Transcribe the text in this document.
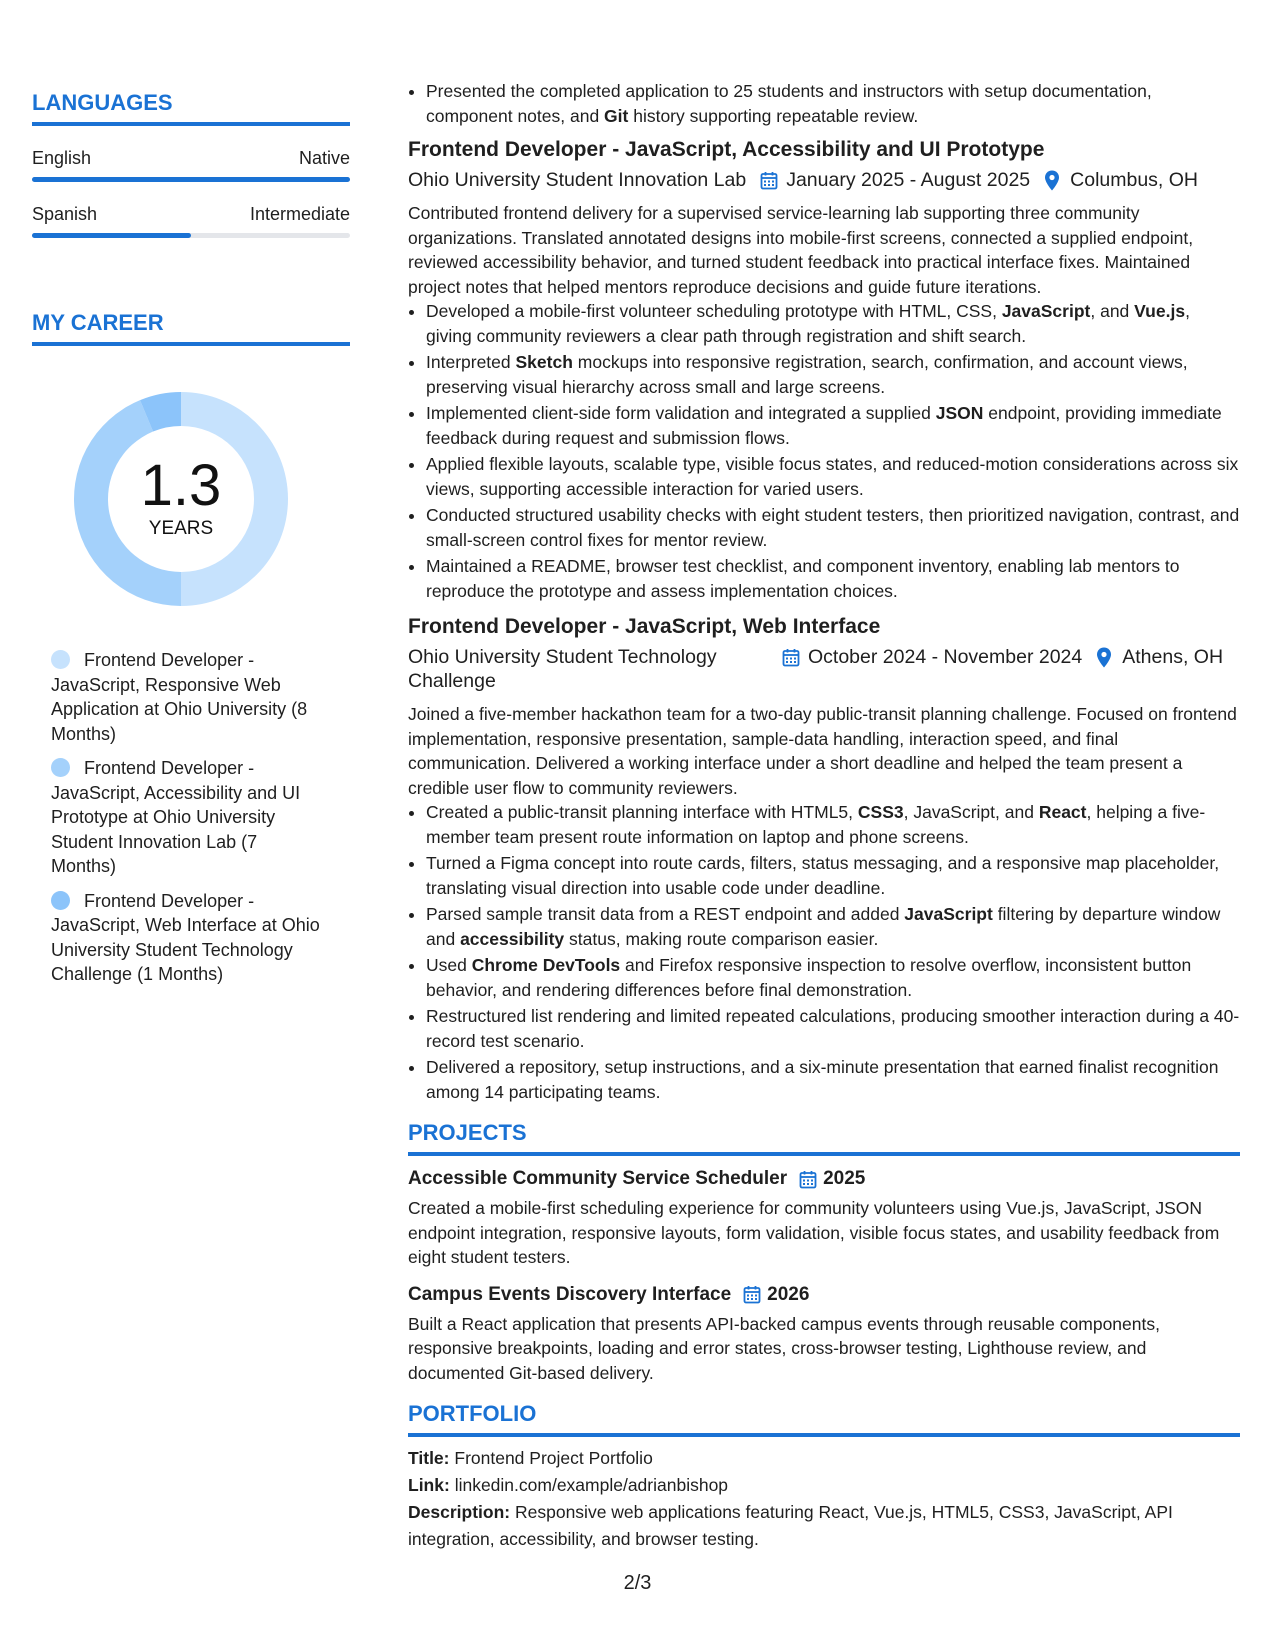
LANGUAGES
English	Native
Spanish	Intermediate
MY CAREER
1.3
YEARS
Frontend Developer - JavaScript, Responsive Web Application at Ohio University (8 Months)
Frontend Developer - JavaScript, Accessibility and UI Prototype at Ohio University Student Innovation Lab (7 Months)
Frontend Developer - JavaScript, Web Interface at Ohio University Student Technology Challenge (1 Months)
• Presented the completed application to 25 students and instructors with setup documentation, component notes, and Git history supporting repeatable review.
Frontend Developer - JavaScript, Accessibility and UI Prototype
Ohio University Student Innovation Lab January 2025 - August 2025 Columbus, OH
Contributed frontend delivery for a supervised service-learning lab supporting three community organizations. Translated annotated designs into mobile-first screens, connected a supplied endpoint, reviewed accessibility behavior, and turned student feedback into practical interface fixes. Maintained project notes that helped mentors reproduce decisions and guide future iterations.
• Developed a mobile-first volunteer scheduling prototype with HTML, CSS, JavaScript, and Vue.js, giving community reviewers a clear path through registration and shift search.
• Interpreted Sketch mockups into responsive registration, search, confirmation, and account views, preserving visual hierarchy across small and large screens.
• Implemented client-side form validation and integrated a supplied JSON endpoint, providing immediate feedback during request and submission flows.
• Applied flexible layouts, scalable type, visible focus states, and reduced-motion considerations across six views, supporting accessible interaction for varied users.
• Conducted structured usability checks with eight student testers, then prioritized navigation, contrast, and small-screen control fixes for mentor review.
• Maintained a README, browser test checklist, and component inventory, enabling lab mentors to reproduce the prototype and assess implementation choices.
Frontend Developer - JavaScript, Web Interface
Ohio University Student Technology Challenge
October 2024 - November 2024 Athens, OH
Joined a five-member hackathon team for a two-day public-transit planning challenge. Focused on frontend implementation, responsive presentation, sample-data handling, interaction speed, and final communication. Delivered a working interface under a short deadline and helped the team present a credible user flow to community reviewers.
• Created a public-transit planning interface with HTML5, CSS3, JavaScript, and React, helping a five-member team present route information on laptop and phone screens.
• Turned a Figma concept into route cards, filters, status messaging, and a responsive map placeholder, translating visual direction into usable code under deadline.
• Parsed sample transit data from a REST endpoint and added JavaScript filtering by departure window and accessibility status, making route comparison easier.
• Used Chrome DevTools and Firefox responsive inspection to resolve overflow, inconsistent button behavior, and rendering differences before final demonstration.
• Restructured list rendering and limited repeated calculations, producing smoother interaction during a 40-record test scenario.
• Delivered a repository, setup instructions, and a six-minute presentation that earned finalist recognition among 14 participating teams.
PROJECTS
Accessible Community Service Scheduler 2025
Created a mobile-first scheduling experience for community volunteers using Vue.js, JavaScript, JSON endpoint integration, responsive layouts, form validation, visible focus states, and usability feedback from eight student testers.
Campus Events Discovery Interface 2026
Built a React application that presents API-backed campus events through reusable components, responsive breakpoints, loading and error states, cross-browser testing, Lighthouse review, and documented Git-based delivery.
PORTFOLIO
Title: Frontend Project Portfolio
Link: linkedin.com/example/adrianbishop
Description: Responsive web applications featuring React, Vue.js, HTML5, CSS3, JavaScript, API integration, accessibility, and browser testing.
2/3
